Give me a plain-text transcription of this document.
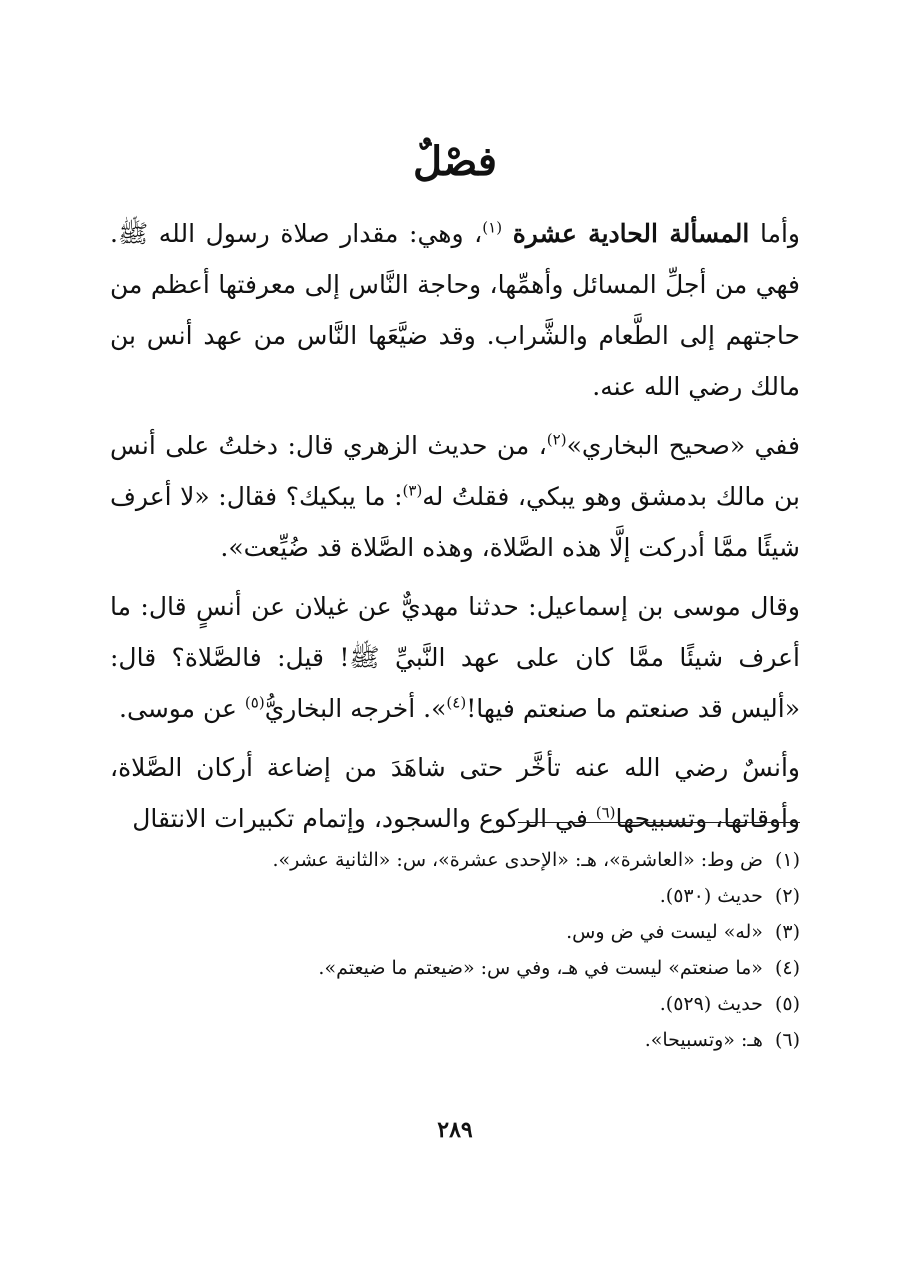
فصْلٌ

وأما المسألة الحادية عشرة $^{(١)}$، وهي: مقدار صلاة رسول الله ﷺ. فهي من أجلِّ المسائل وأهمِّها، وحاجة النَّاس إلى معرفتها أعظم من حاجتهم إلى الطَّعام والشَّراب. وقد ضيَّعَها النَّاس من عهد أنس بن مالك رضي الله عنه.

ففي «صحيح البخاري»$^{(٢)}$، من حديث الزهري قال: دخلتُ على أنس بن مالك بدمشق وهو يبكي، فقلتُ له$^{(٣)}$: ما يبكيك؟ فقال: «لا أعرف شيئًا ممَّا أدركت إلَّا هذه الصَّلاة، وهذه الصَّلاة قد ضُيِّعت».

وقال موسى بن إسماعيل: حدثنا مهديٌّ عن غيلان عن أنسٍ قال: ما أعرف شيئًا ممَّا كان على عهد النَّبيِّ ﷺ! قيل: فالصَّلاة؟ قال: «أليس قد صنعتم ما صنعتم فيها!$^{(٤)}$». أخرجه البخاريُّ$^{(٥)}$ عن موسى.

وأنسٌ رضي الله عنه تأخَّر حتى شاهَدَ من إضاعة أركان الصَّلاة، وأوقاتها، وتسبيحها$^{(٦)}$ في الركوع والسجود، وإتمام تكبيرات الانتقال

(١)ض وط: «العاشرة»، هـ: «الإحدى عشرة»، س: «الثانية عشر».
(٢)حديث (٥٣٠).
(٣)«له» ليست في ض وس.
(٤)«ما صنعتم» ليست في هـ، وفي س: «ضيعتم ما ضيعتم».
(٥)حديث (٥٢٩).
(٦)هـ: «وتسبيحا».
٢٨٩
